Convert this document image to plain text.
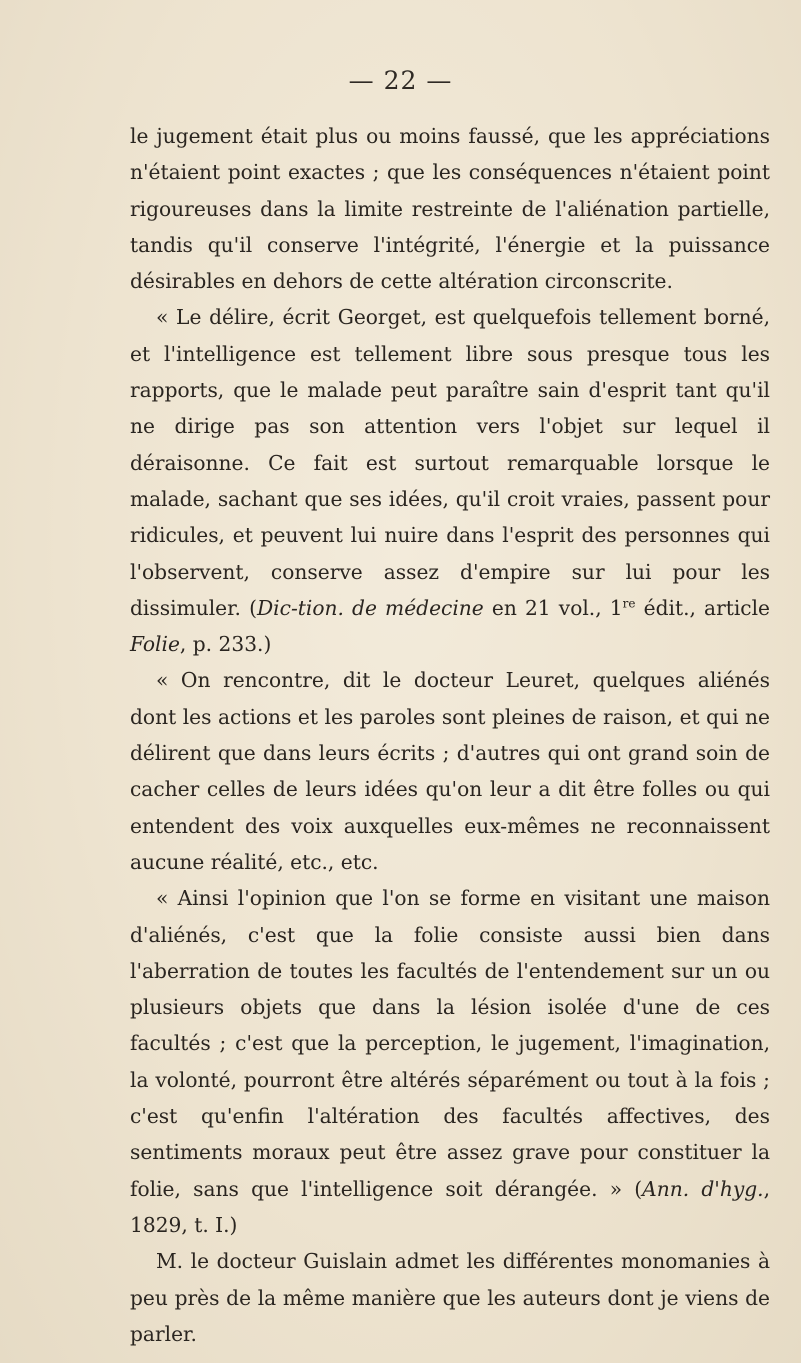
— 22 —

le jugement était plus ou moins faussé, que les appréciations n'étaient point exactes ; que les conséquences n'étaient point rigoureuses dans la limite restreinte de l'aliénation partielle, tandis qu'il conserve l'intégrité, l'énergie et la puissance désirables en dehors de cette altération circonscrite.

« Le délire, écrit Georget, est quelquefois tellement borné, et l'intelligence est tellement libre sous presque tous les rapports, que le malade peut paraître sain d'esprit tant qu'il ne dirige pas son attention vers l'objet sur lequel il déraisonne. Ce fait est surtout remarquable lorsque le malade, sachant que ses idées, qu'il croit vraies, passent pour ridicules, et peuvent lui nuire dans l'esprit des personnes qui l'observent, conserve assez d'empire sur lui pour les dissimuler. (Dic-tion. de médecine en 21 vol., 1re édit., article Folie, p. 233.)

« On rencontre, dit le docteur Leuret, quelques aliénés dont les actions et les paroles sont pleines de raison, et qui ne délirent que dans leurs écrits ; d'autres qui ont grand soin de cacher celles de leurs idées qu'on leur a dit être folles ou qui entendent des voix auxquelles eux-mêmes ne reconnaissent aucune réalité, etc., etc.

« Ainsi l'opinion que l'on se forme en visitant une maison d'aliénés, c'est que la folie consiste aussi bien dans l'aberration de toutes les facultés de l'entendement sur un ou plusieurs objets que dans la lésion isolée d'une de ces facultés ; c'est que la perception, le jugement, l'imagination, la volonté, pourront être altérés séparément ou tout à la fois ; c'est qu'enfin l'altération des facultés affectives, des sentiments moraux peut être assez grave pour constituer la folie, sans que l'intelligence soit dérangée. » (Ann. d'hyg., 1829, t. I.)

M. le docteur Guislain admet les différentes monomanies à peu près de la même manière que les auteurs dont je viens de parler.
